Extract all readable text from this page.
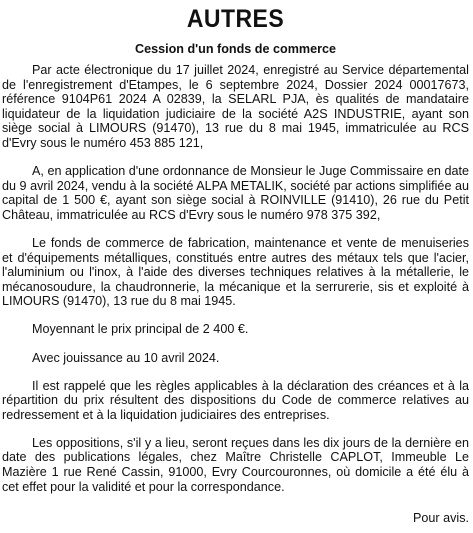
AUTRES
Cession d'un fonds de commerce

Par acte électronique du 17 juillet 2024, enregistré au Service départemental de l'enregistrement d'Etampes, le 6 septembre 2024, Dossier 2024 00017673, référence 9104P61 2024 A 02839, la SELARL PJA, ès qualités de mandataire liquidateur de la liquidation judiciaire de la société A2S INDUSTRIE, ayant son siège social à LIMOURS (91470), 13 rue du 8 mai 1945, immatriculée au RCS d'Evry sous le numéro 453 885 121,

A, en application d'une ordonnance de Monsieur le Juge Commissaire en date du 9 avril 2024, vendu à la société ALPA METALIK, société par actions simplifiée au capital de 1 500 €, ayant son siège social à ROINVILLE (91410), 26 rue du Petit Château, immatriculée au RCS d'Evry sous le numéro 978 375 392,

Le fonds de commerce de fabrication, maintenance et vente de menuiseries et d'équipements métalliques, constitués entre autres des métaux tels que l'acier, l'aluminium ou l'inox, à l'aide des diverses techniques relatives à la métallerie, le mécanosoudure, la chaudronnerie, la mécanique et la serrurerie, sis et exploité à LIMOURS (91470), 13 rue du 8 mai 1945.

Moyennant le prix principal de 2 400 €.

Avec jouissance au 10 avril 2024.

Il est rappelé que les règles applicables à la déclaration des créances et à la répartition du prix résultent des dispositions du Code de commerce relatives au redressement et à la liquidation judiciaires des entreprises.

Les oppositions, s'il y a lieu, seront reçues dans les dix jours de la dernière en date des publications légales, chez Maître Christelle CAPLOT, Immeuble Le Mazière 1 rue René Cassin, 91000, Evry Courcouronnes, où domicile a été élu à cet effet pour la validité et pour la correspondance.

Pour avis.
